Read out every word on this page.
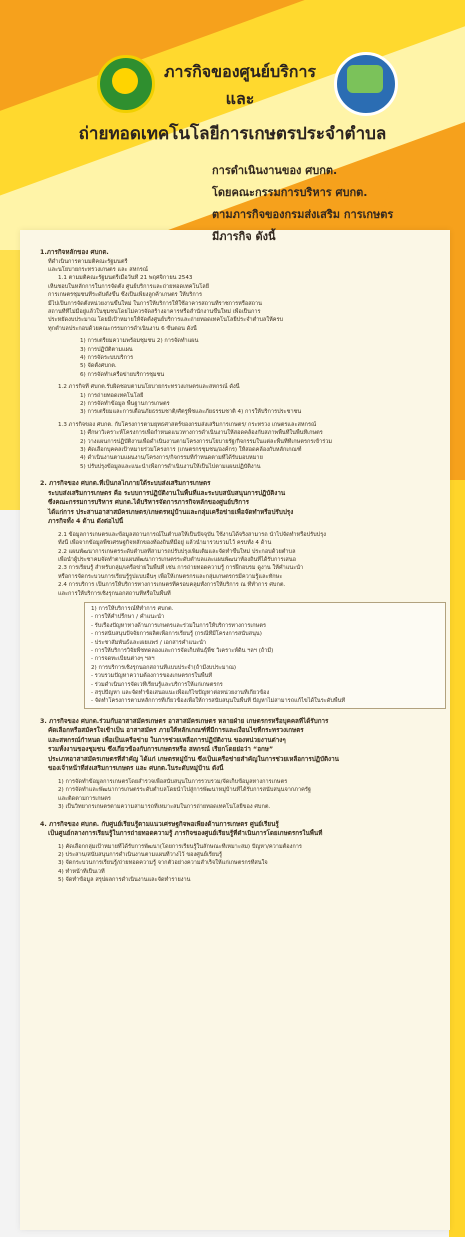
ภารกิจของศูนย์บริการ
และ
ถ่ายทอดเทคโนโลยีการเกษตรประจำตำบล
การดำเนินงานของ ศบกต.
โดยคณะกรรมการบริหาร ศบกต.
ตามภารกิจของกรมส่งเสริม การเกษตร
มีภารกิจ ดังนี้

1.ภารกิจหลักของ ศบกต.

ที่ดำเนินการตามมติคณะรัฐมนตรี

และนโยบายกระทรวงเกษตร และ สหกรณ์

1.1 ตามมติคณะรัฐมนตรีเมื่อวันที่ 21 พฤศจิกายน 2543

เห็นชอบในหลักการในการจัดตั้ง ศูนย์บริการและถ่ายทอดเทคโนโลยี

การเกษตรชุมชนที่ระดับตั้งขึ้น ซึ่งเป็นเพียงลูกค้าเกษตร ให้บริการ

มีไปเป็นการจัดตั้งหน่วยงานขึ้นใหม่ ในการให้บริการให้ใช้อาคารสถานที่ราชการหรือสถาน

สถานที่ที่ไม่มีอยู่แล้วในชุมชนโดยไม่ควรจัดสร้างอาคารหรือสำนักงานขึ้นใหม่ เพื่อเป็นการ

ประหยัดงบประมาณ โดยมีเป้าหมายให้จัดตั้งศูนย์บริการและถ่ายทอดเทคโนโลยีประจำตำบลให้ครบ

ทุกตำบลประกอบด้วยคณะกรรมการดำเนินงาน 6 ขั้นตอน ดังนี้

1) การเตรียมความพร้อมชุมชน 2) การจัดทำแผน

3) การปฏิบัติตามแผน

4) การจัดระบบบริการ

5) จัดตั้งศบกต.

6) การจัดทำเครือข่ายบริการชุมชน

1.2 ภารกิจที่ ศบกต.รับผิดชอบตามนโยบายกระทรวงเกษตรและสหกรณ์ ดังนี้

1) การถ่ายทอดเทคโนโลยี

2) การจัดทำข้อมูล พื้นฐานการเกษตร

3) การเตรียมและการเตือนภัยธรรมชาติ/ศัตรูพืชและภัยธรรมชาติ 4) การให้บริการประชาชน

1.3 ภารกิจของ ศบกต. กับโครงการตามยุทธศาสตร์ของกรมส่งเสริมการเกษตร/ กระทรวง เกษตรและสหกรณ์

1) ศึกษาวิเคราะห์โครงการเพื่อกำหนดแนวทางการดำเนินงานให้สอดคล้องกับสภาพพื้นที่ในพื้นที่เกษตร

2) วางแผนการปฏิบัติงานเพื่อดำเนินงานตามโครงการนโยบายรัฐ/กิจกรรมในแต่ละพื้นที่ที่เกษตรกรเข้าร่วม

3) คัดเลือกบุคคลเป้าหมายร่วมโครงการ (เกษตรกรชุมชน/องค์กร) ให้สอดคล้องกับหลักเกณฑ์

4) ดำเนินงานตามแผนงาน/โครงการ/กิจกรรมที่กำหนดตามที่ได้รับมอบหมาย

5) ปรับปรุงข้อมูลและแนะนำเพื่อการดำเนินงานให้เป็นไปตามแผนปฏิบัติงาน

2. ภารกิจของ ศบกต.ที่เป็นกลไกภายใต้ระบบส่งเสริมการเกษตร

ระบบส่งเสริมการเกษตร คือ ระบบการปฏิบัติงานในพื้นที่และระบบสนับสนุนการปฏิบัติงาน

ซึ่งคณะกรรมการบริหาร ศบกต.ได้บริหารจัดการภารกิจหลักของศูนย์บริการ

ได้แก่การ ประสานอาสาสมัครเกษตร/เกษตรหมู่บ้านและกลุ่มเครือข่ายเพื่อจัดทำหรือปรับปรุง

ภารกิจทั้ง 4 ด้าน ดังต่อไปนี้

2.1 ข้อมูลการเกษตรและข้อมูลสถานการณ์ในตำบลให้เป็นปัจจุบัน ใช้งานได้จริงสามารถ นำไปจัดทำหรือปรับปรุง

ทั้งนี้ เพื่อจากข้อมูลพืชเศรษฐกิจหลักของท้องถิ่นที่มีอยู่ แล้วนำมารวบรวมไว้ ครบทั้ง 4 ด้าน

2.2 แผนพัฒนาการเกษตรระดับตำบลที่สามารถปรับปรุงเพิ่มเติมและจัดทำขึ้นใหม่ ประกอบด้วยตำบล

เพื่อนำผู้ประชาคมจัดทำตามแผนพัฒนาการเกษตรระดับตำบลและแผนพัฒนาท้องถิ่นที่ได้รับการเสนอ

2.3 การเรียนรู้ สำหรับกลุ่ม/เครือข่ายในพื้นที่ เช่น การถ่ายทอดความรู้ การฝึกอบรม ดูงาน ให้คำแนะนำ

หรือการจัดกระบวนการเรียนรู้รูปแบบอื่นๆ เพื่อให้เกษตรกรและกลุ่มเกษตรกรมีความรู้และทักษะ

2.4 การบริการ เป็นการให้บริการทางการเกษตรที่ครอบคลุมทั้งการให้บริการ ณ ที่ทำการ ศบกต.

และการให้บริการเชิงรุกนอกสถานที่หรือในพื้นที่

1) การให้บริการณ์ที่ทำการ ศบกต.

- การให้คำปรึกษา / คำแนะนำ

- รับเรื่องปัญหาทางด้านการเกษตรและร่วมในการให้บริการทางการเกษตร

- การสนับสนุนปัจจัยการผลิตเพื่อการเรียนรู้ (กรณีที่มีโครงการสนับสนุน)

- ประชาสัมพันธ์และเผยแพร่ / เอกสารคำแนะนำ

- การให้บริการวิจัยพืชทดลองและการจัดเก็บพันธุ์พืช วิเคราะห์ดิน ฯลฯ (ถ้ามี)

- การจดทะเบียนต่างๆ ฯลฯ

2) การบริการเชิงรุกนอกสถานที่แบบประจำ(ถ้ามีงบประมาณ)

- รวบรวมปัญหาความต้องการของเกษตรกรในพื้นที่

- ร่วมดำเนินการจัดเวทีเรียนรู้และบริการให้แก่เกษตรกร

- สรุปปัญหา และจัดทำข้อเสนอแนะเพื่อแก้ไขปัญหาต่อหน่วยงานที่เกี่ยวข้อง

- จัดทำโครงการตามหลักการที่เกี่ยวข้องเพื่อให้การสนับสนุนในพื้นที่ ปัญหาไม่สามารถแก้ไขได้ในระดับพื้นที่

3. ภารกิจของ ศบกต.ร่วมกับอาสาสมัครเกษตร อาสาสมัครเกษตร หลายฝ่าย เกษตรกรหรือบุคคลที่ได้รับการ

คัดเลือกหรือสมัครใจเข้าเป็น อาสาสมัคร ภายใต้หลักเกณฑ์ที่มีการและเงื่อนไขที่กระทรวงเกษตร

และสหกรณ์กำหนด เพื่อเป็นเครือข่าย ในการช่วยเหลือการปฏิบัติงาน ของหน่วยงานต่างๆ

รวมทั้งงานของชุมชน ซึ่งเกี่ยวข้องกับการเกษตรหรือ สหกรณ์ เรียกโดยย่อว่า “อกษ”

ประเภทอาสาสมัครเกษตรที่สำคัญ ได้แก่ เกษตรหมู่บ้าน ซึ่งเป็นเครือข่ายสำคัญในการช่วยเหลือการปฏิบัติงาน

ของเจ้าหน้าที่ส่งเสริมการเกษตร และ ศบกต.ในระดับหมู่บ้าน ดังนี้

1) การจัดทำข้อมูลการเกษตรโดยสำรวจเพื่อสนับสนุนในการรวบรวม/จัดเก็บข้อมูลทางการเกษตร

2) การจัดทำและพัฒนาการเกษตรระดับตำบลโดยนำไปสู่การพัฒนาหมู่บ้านที่ได้รับการสนับสนุนจากภาครัฐ

และติดตามการเกษตร

3) เป็นวิทยากรเกษตรตามความสามารถที่เหมาะสมในการถ่ายทอดเทคโนโลยีของ ศบกต.

4. ภารกิจของ ศบกต. กับศูนย์เรียนรู้ตามแนวเศรษฐกิจพอเพียงด้านการเกษตร ศูนย์เรียนรู้

เป็นศูนย์กลางการเรียนรู้ในการถ่ายทอดความรู้ ภารกิจของศูนย์เรียนรู้ที่ดำเนินการโดยเกษตรกรในพื้นที่

1) คัดเลือกกลุ่มเป้าหมายที่ได้รับการพัฒนา(โดยการเรียนรู้ในลักษณะที่เหมาะสม) ปัญหา/ความต้องการ

2) ประสาน/สนับสนุนการดำเนินงานตามแผนที่วางไว้ ของศูนย์เรียนรู้

3) จัดกระบวนการเรียนรู้/ถ่ายทอดความรู้ จากตัวอย่างความสำเร็จให้แก่เกษตรกรที่สนใจ

4) ทำหน้าที่เป็นเวที

5) จัดทำข้อมูล สรุปผลการดำเนินงานและจัดทำรายงาน
